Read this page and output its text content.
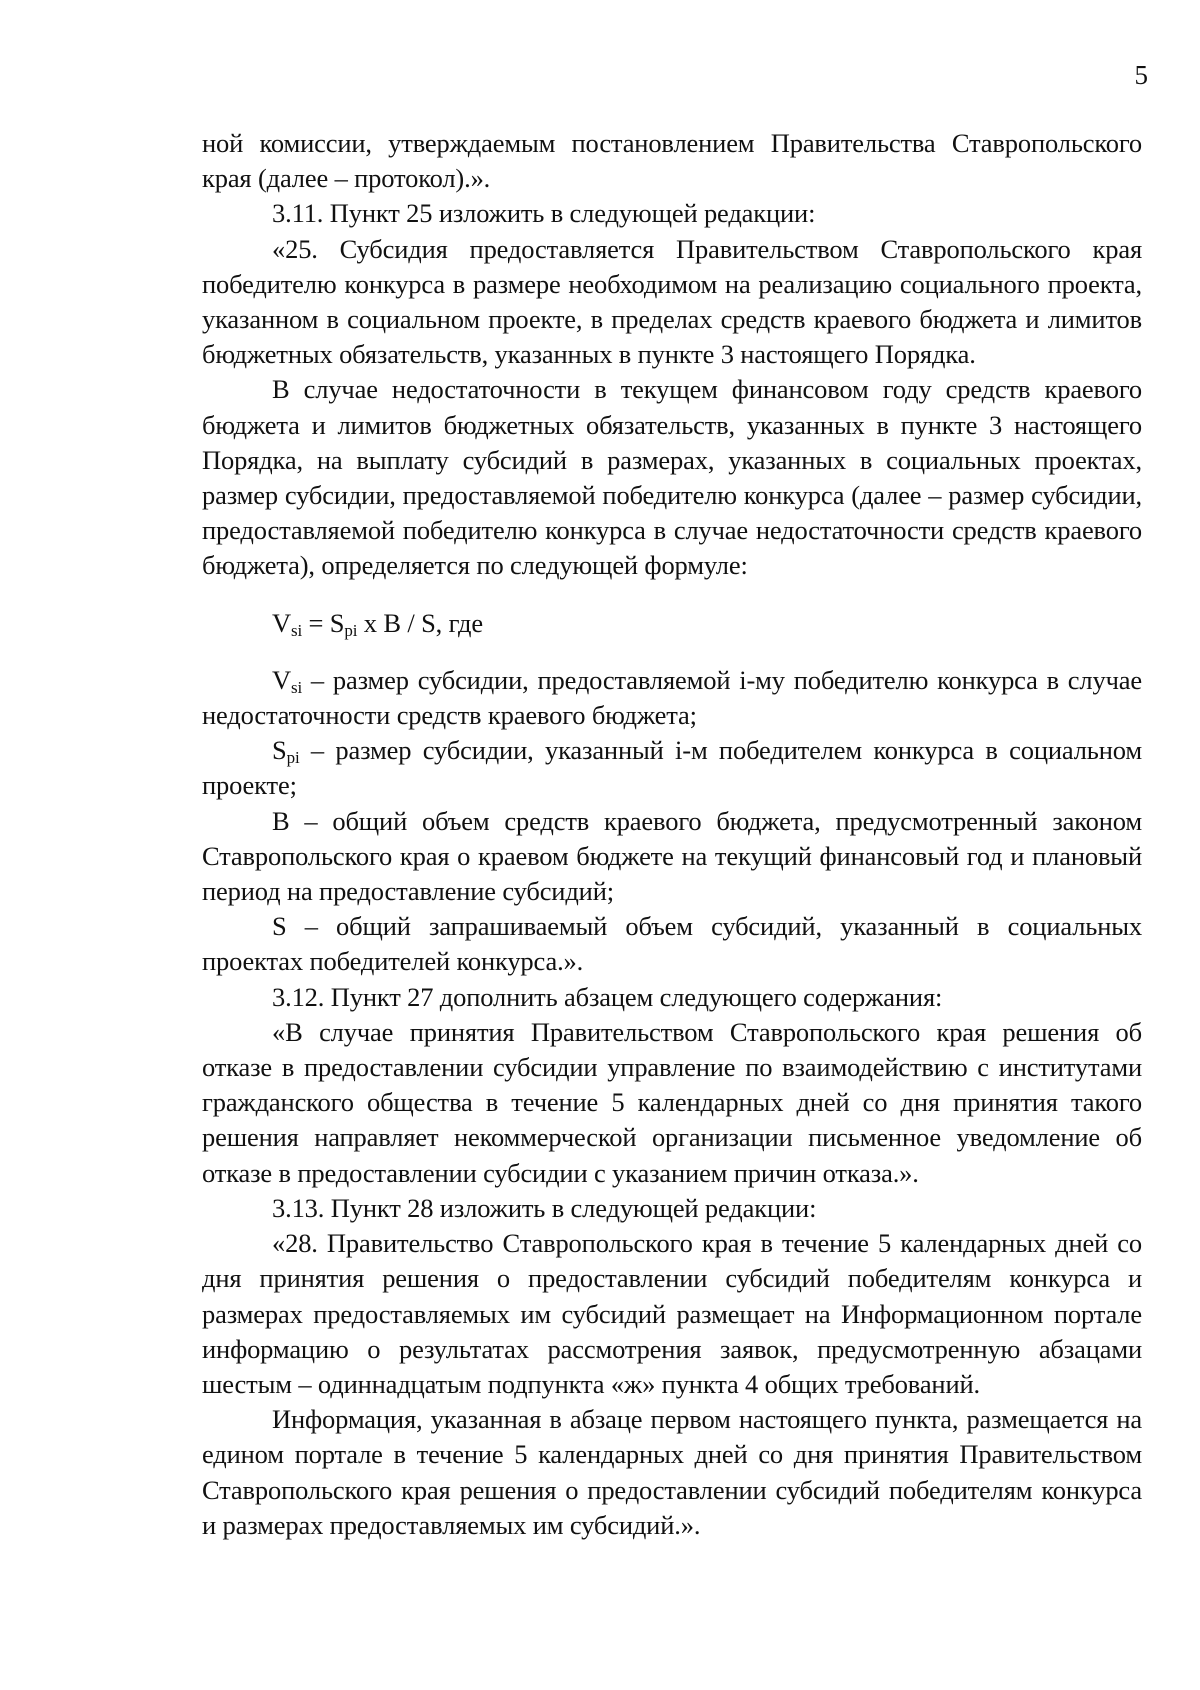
5

ной комиссии, утверждаемым постановлением Правительства Ставропольского края (далее – протокол).».

3.11. Пункт 25 изложить в следующей редакции:

«25. Субсидия предоставляется Правительством Ставропольского края победителю конкурса в размере необходимом на реализацию социального проекта, указанном в социальном проекте, в пределах средств краевого бюджета и лимитов бюджетных обязательств, указанных в пункте 3 настоящего Порядка.

В случае недостаточности в текущем финансовом году средств краевого бюджета и лимитов бюджетных обязательств, указанных в пункте 3 настоящего Порядка, на выплату субсидий в размерах, указанных в социальных проектах, размер субсидии, предоставляемой победителю конкурса (далее – размер субсидии, предоставляемой победителю конкурса в случае недостаточности средств краевого бюджета), определяется по следующей формуле:

$V_{si} = S_{pi}$ x B / S, где

$V_{si}$ – размер субсидии, предоставляемой i-му победителю конкурса в случае недостаточности средств краевого бюджета;

$S_{pi}$ – размер субсидии, указанный i-м победителем конкурса в социальном проекте;

B – общий объем средств краевого бюджета, предусмотренный законом Ставропольского края о краевом бюджете на текущий финансовый год и плановый период на предоставление субсидий;

S – общий запрашиваемый объем субсидий, указанный в социальных проектах победителей конкурса.».

3.12. Пункт 27 дополнить абзацем следующего содержания:

«В случае принятия Правительством Ставропольского края решения об отказе в предоставлении субсидии управление по взаимодействию с институтами гражданского общества в течение 5 календарных дней со дня принятия такого решения направляет некоммерческой организации письменное уведомление об отказе в предоставлении субсидии с указанием причин отказа.».

3.13. Пункт 28 изложить в следующей редакции:

«28. Правительство Ставропольского края в течение 5 календарных дней со дня принятия решения о предоставлении субсидий победителям конкурса и размерах предоставляемых им субсидий размещает на Информационном портале информацию о результатах рассмотрения заявок, предусмотренную абзацами шестым – одиннадцатым подпункта «ж» пункта 4 общих требований.

Информация, указанная в абзаце первом настоящего пункта, размещается на едином портале в течение 5 календарных дней со дня принятия Правительством Ставропольского края решения о предоставлении субсидий победителям конкурса и размерах предоставляемых им субсидий.».
